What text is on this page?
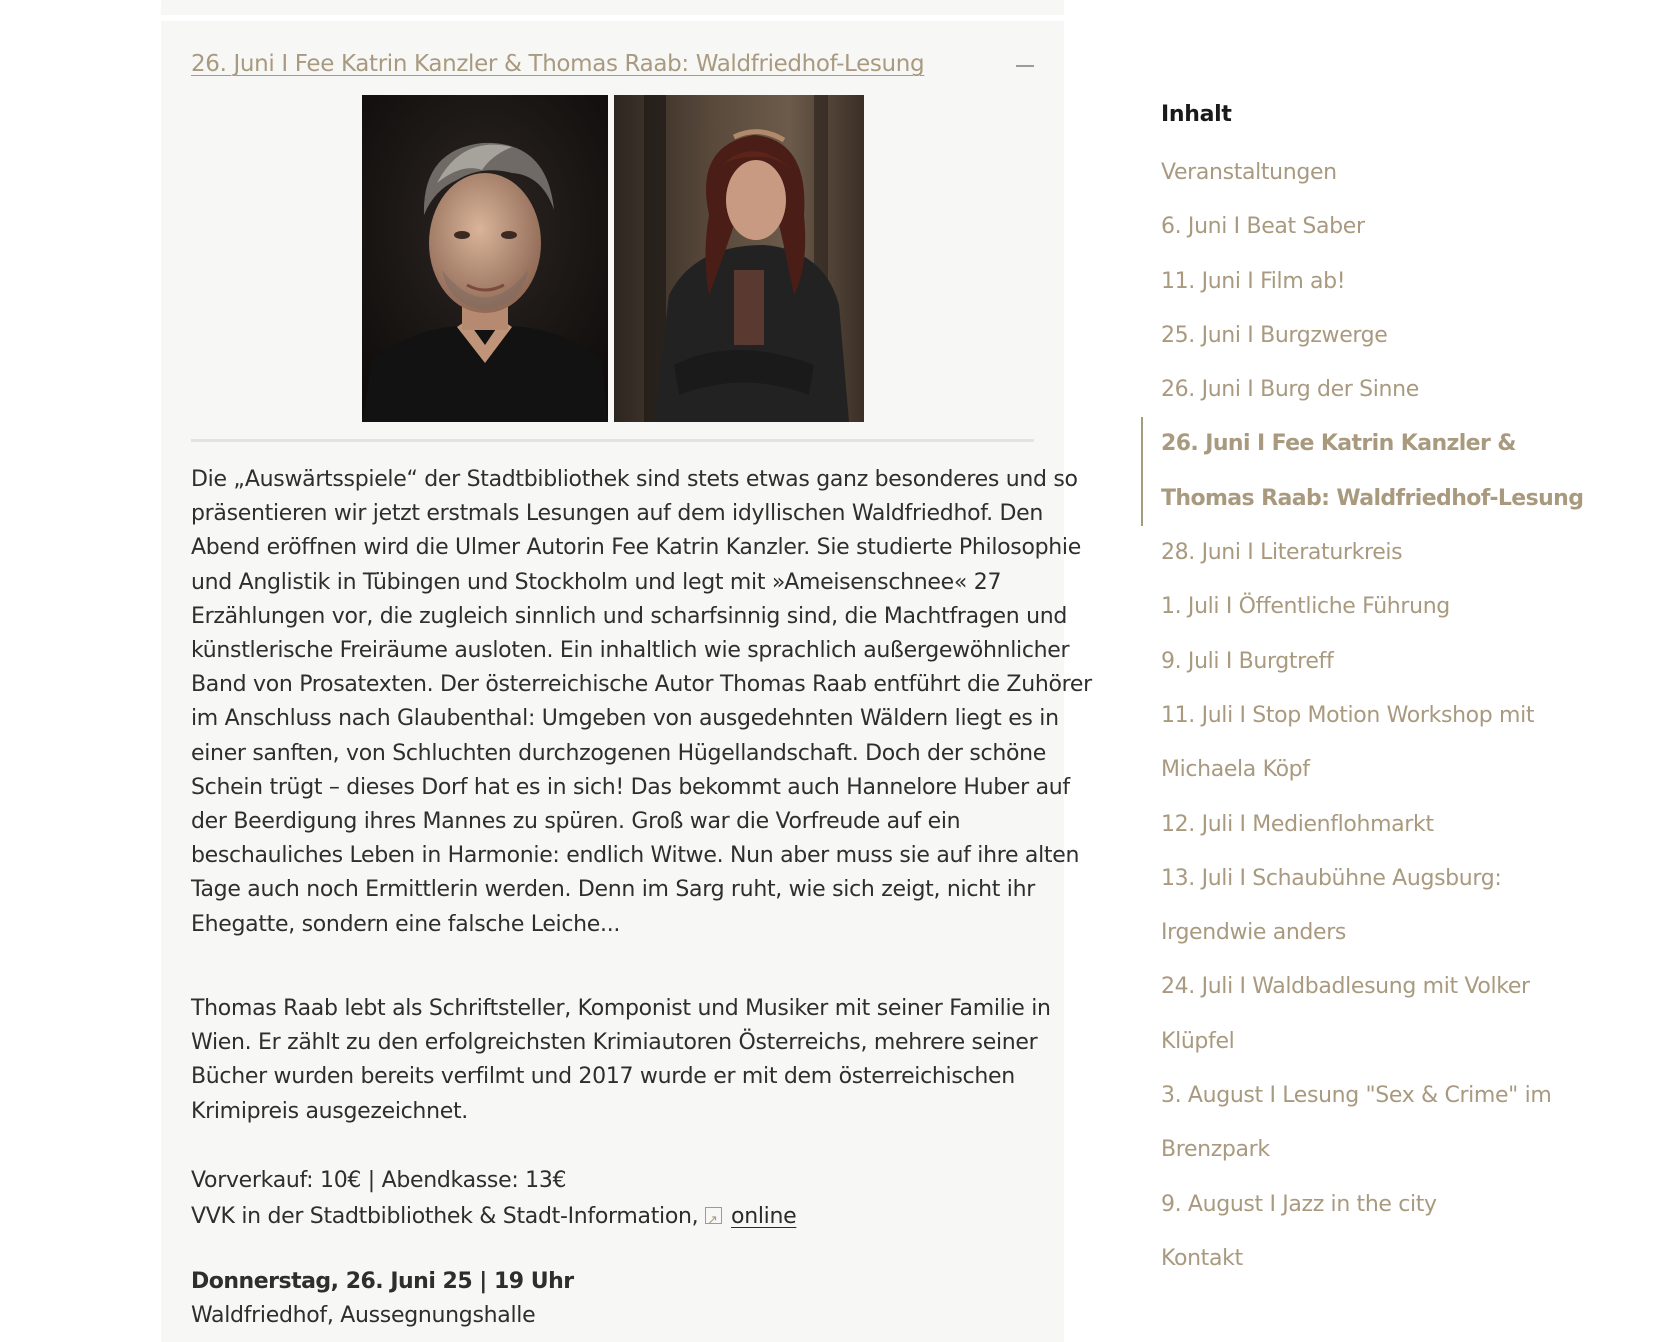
26. Juni I Fee Katrin Kanzler & Thomas Raab: Waldfriedhof-Lesung
Die „Auswärtsspiele“ der Stadtbibliothek sind stets etwas ganz besonderes und so
präsentieren wir jetzt erstmals Lesungen auf dem idyllischen Waldfriedhof. Den
Abend eröffnen wird die Ulmer Autorin Fee Katrin Kanzler. Sie studierte Philosophie
und Anglistik in Tübingen und Stockholm und legt mit »Ameisenschnee« 27
Erzählungen vor, die zugleich sinnlich und scharfsinnig sind, die Machtfragen und
künstlerische Freiräume ausloten. Ein inhaltlich wie sprachlich außergewöhnlicher
Band von Prosatexten. Der österreichische Autor Thomas Raab entführt die Zuhörer
im Anschluss nach Glaubenthal: Umgeben von ausgedehnten Wäldern liegt es in
einer sanften, von Schluchten durchzogenen Hügellandschaft. Doch der schöne
Schein trügt – dieses Dorf hat es in sich! Das bekommt auch Hannelore Huber auf
der Beerdigung ihres Mannes zu spüren. Groß war die Vorfreude auf ein
beschauliches Leben in Harmonie: endlich Witwe. Nun aber muss sie auf ihre alten
Tage auch noch Ermittlerin werden. Denn im Sarg ruht, wie sich zeigt, nicht ihr
Ehegatte, sondern eine falsche Leiche...
Thomas Raab lebt als Schriftsteller, Komponist und Musiker mit seiner Familie in
Wien. Er zählt zu den erfolgreichsten Krimiautoren Österreichs, mehrere seiner
Bücher wurden bereits verfilmt und 2017 wurde er mit dem österreichischen
Krimipreis ausgezeichnet.
Vorverkauf: 10€ | Abendkasse: 13€
VVK in der Stadtbibliothek & Stadt-Information, ↗ online
Donnerstag, 26. Juni 25 | 19 Uhr
Waldfriedhof, Aussegnungshalle
Inhalt
Veranstaltungen
6. Juni I Beat Saber
11. Juni I Film ab!
25. Juni I Burgzwerge
26. Juni I Burg der Sinne
26. Juni I Fee Katrin Kanzler &
Thomas Raab: Waldfriedhof-Lesung
28. Juni I Literaturkreis
1. Juli I Öffentliche Führung
9. Juli I Burgtreff
11. Juli I Stop Motion Workshop mit
Michaela Köpf
12. Juli I Medienflohmarkt
13. Juli I Schaubühne Augsburg:
Irgendwie anders
24. Juli I Waldbadlesung mit Volker
Klüpfel
3. August I Lesung "Sex & Crime" im
Brenzpark
9. August I Jazz in the city
Kontakt
